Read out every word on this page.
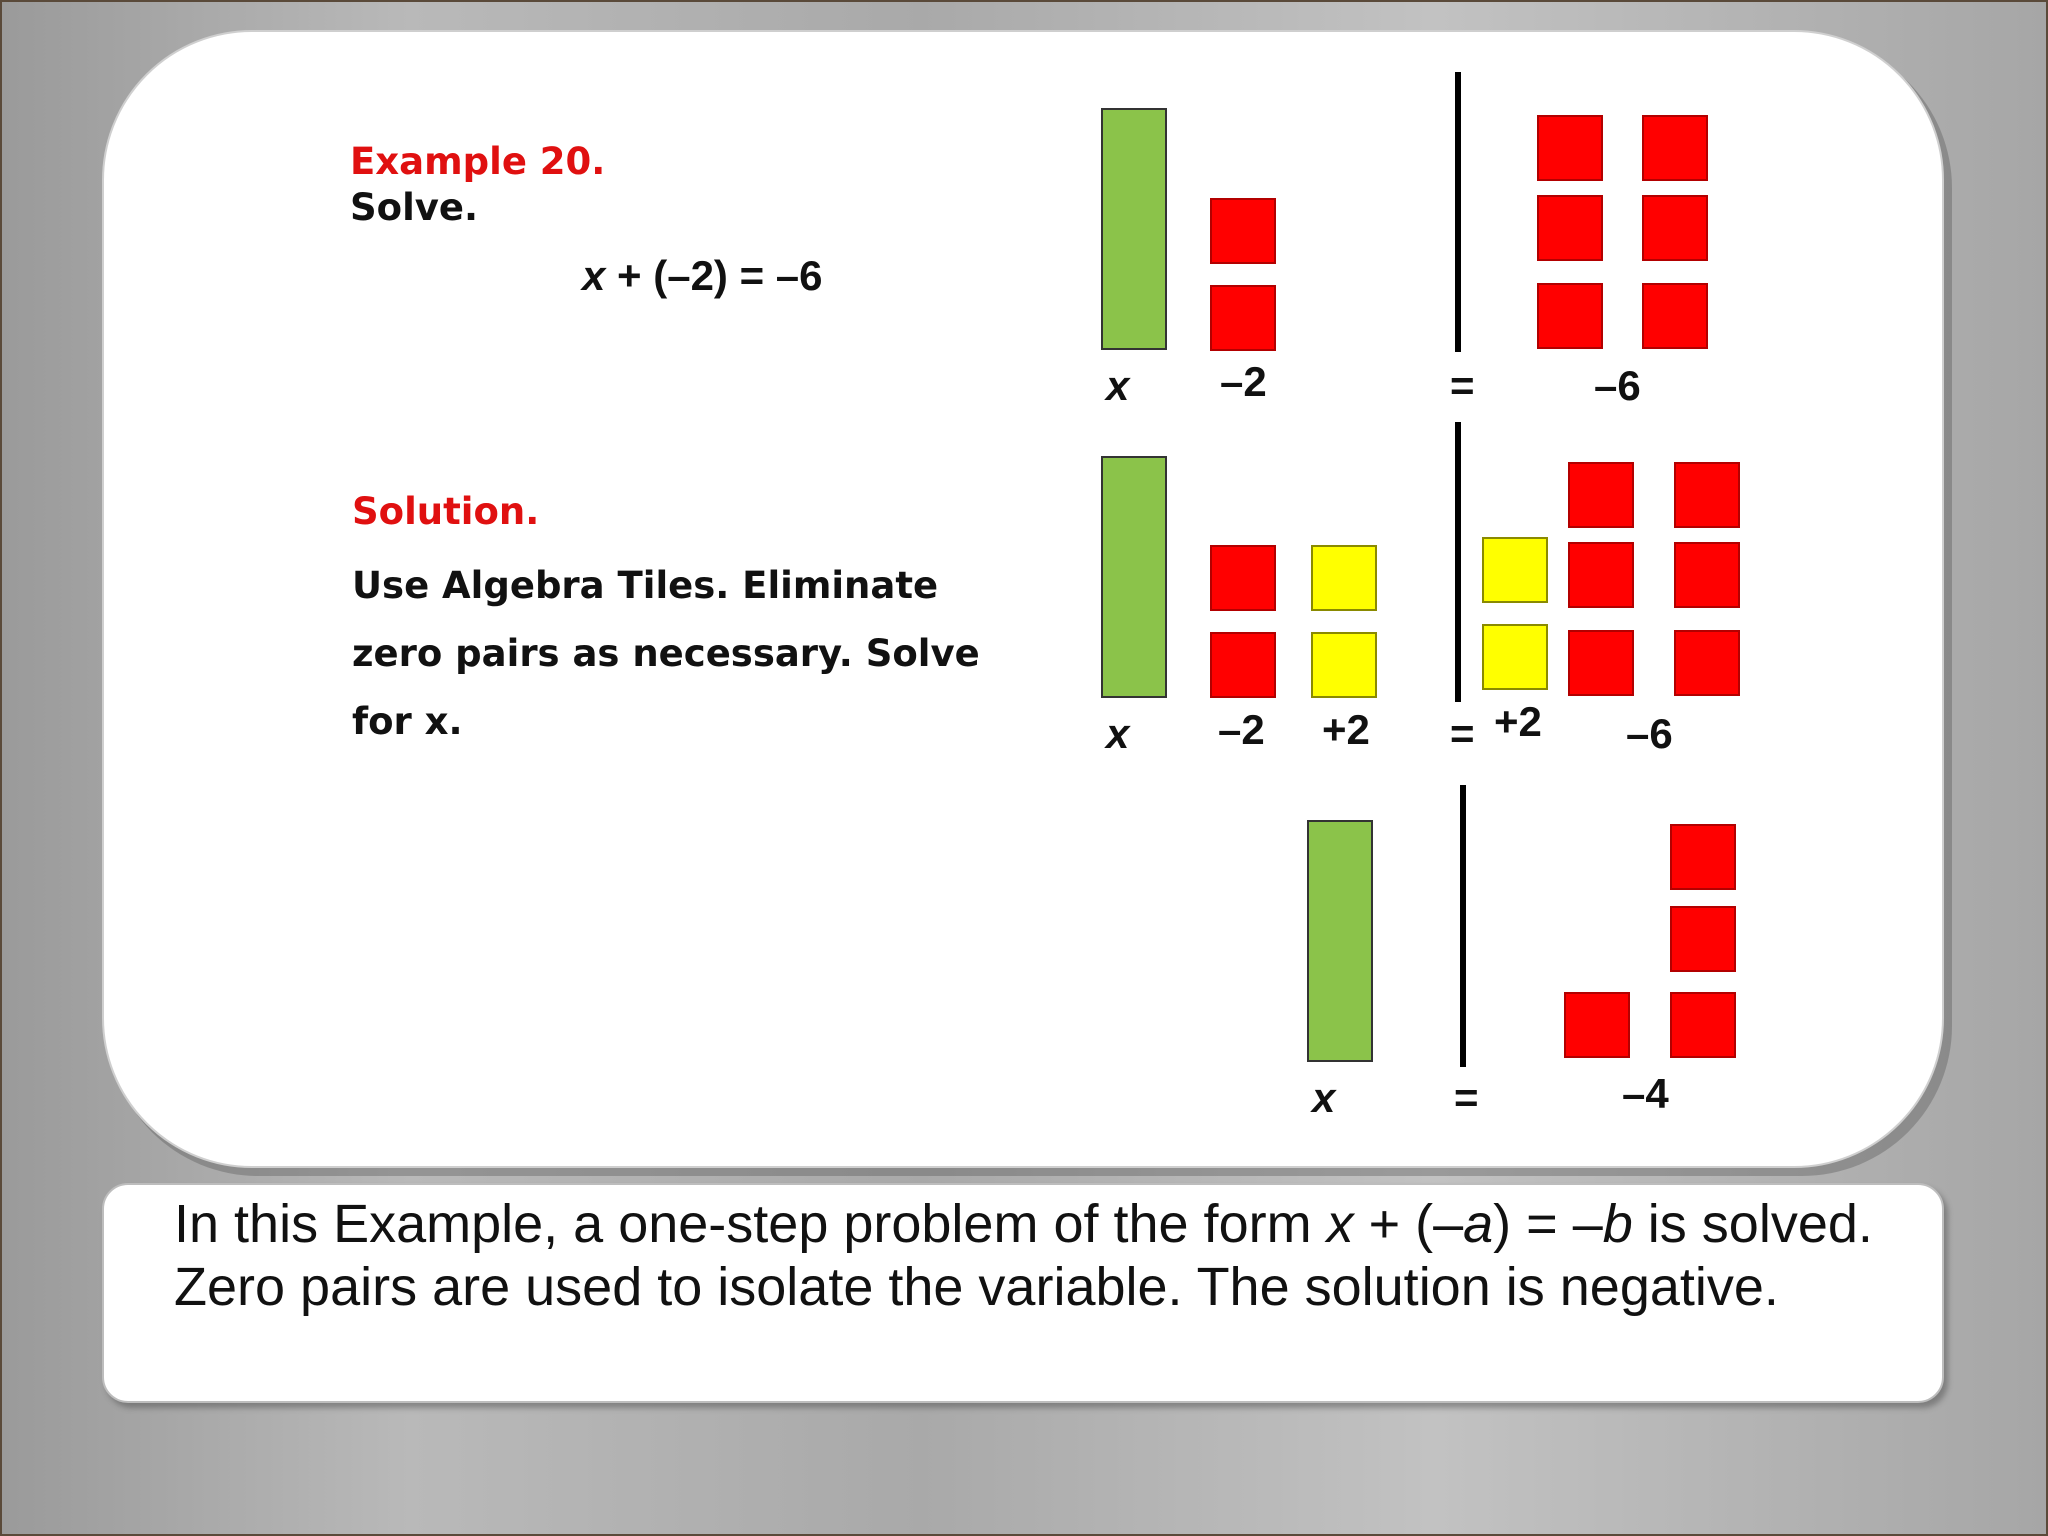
Example 20.

Solve.

x + (–2) = –6

Solution.

Use Algebra Tiles. Eliminate
zero pairs as necessary. Solve
for x.
x –2	=	–6
x –2 +2 = +2 –6
x	=	–4
In this Example, a one-step problem of the form x + (–a) = –b is solved. Zero pairs are used to isolate the variable. The solution is negative.
